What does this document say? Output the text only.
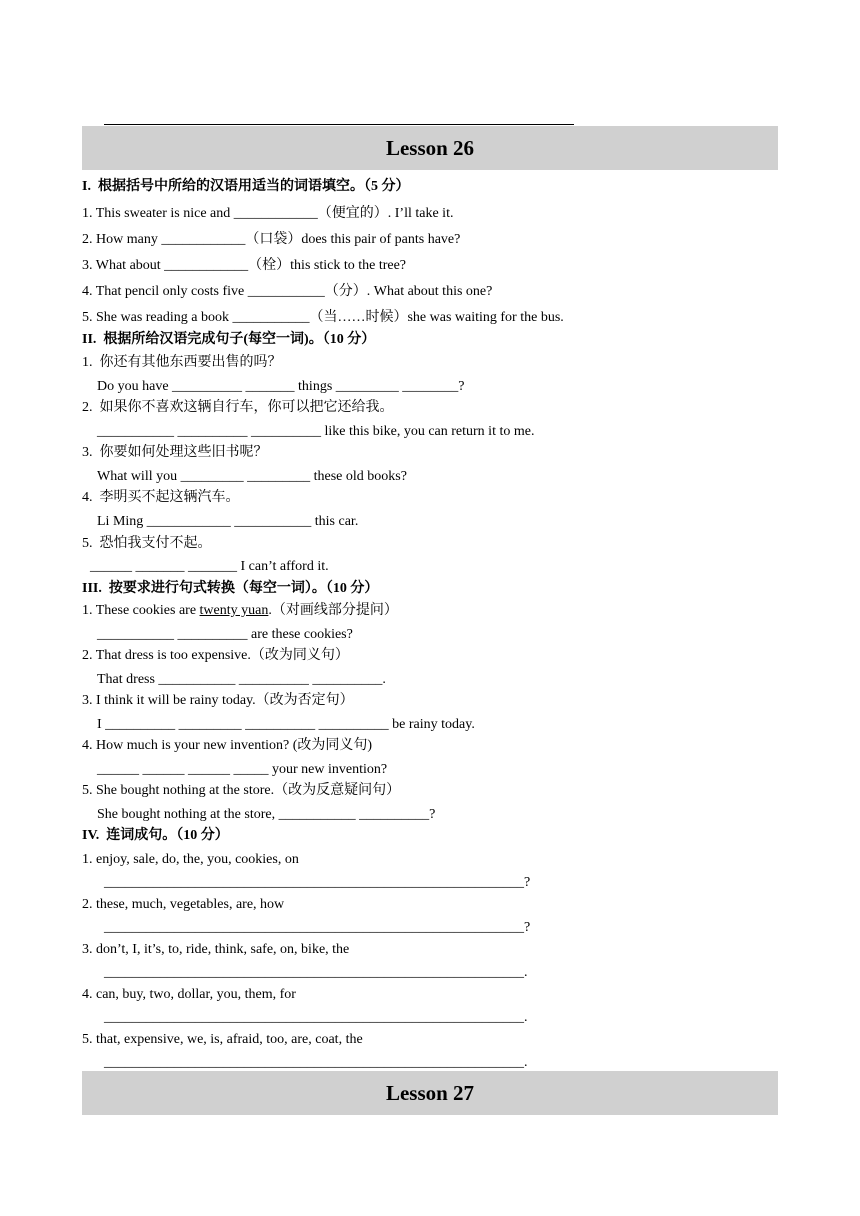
Lesson 26
I.  根据括号中所给的汉语用适当的词语填空。（5 分）
1. This sweater is nice and ____________（便宜的）. I’ll take it.
2. How many ____________（口袋）does this pair of pants have?
3. What about ____________（栓）this stick to the tree?
4. That pencil only costs five ___________（分）. What about this one?
5. She was reading a book ___________（当……时候）she was waiting for the bus.
II.  根据所给汉语完成句子(每空一词)。（10 分）
1.  你还有其他东西要出售的吗？
Do you have __________ _______ things _________ ________?
2.  如果你不喜欢这辆自行车，你可以把它还给我。
___________ __________ __________ like this bike, you can return it to me.
3.  你要如何处理这些旧书呢？
What will you _________ _________ these old books?
4.  李明买不起这辆汽车。
Li Ming ____________ ___________ this car.
5.  恐怕我支付不起。
______ _______ _______ I can’t afford it.
III.  按要求进行句式转换（每空一词）。（10 分）
1. These cookies are twenty yuan.（对画线部分提问）
___________ __________ are these cookies?
2. That dress is too expensive.（改为同义句）
That dress ___________ __________ __________.
3. I think it will be rainy today.（改为否定句）
I __________ _________ __________ __________ be rainy today.
4. How much is your new invention? (改为同义句)
______ ______ ______ _____ your new invention?
5. She bought nothing at the store.（改为反意疑问句）
She bought nothing at the store, ___________ __________?
IV.  连词成句。（10 分）
1. enjoy, sale, do, the, you, cookies, on
____________________________________________________________?
2. these, much, vegetables, are, how
____________________________________________________________?
3. don’t, I, it’s, to, ride, think, safe, on, bike, the
____________________________________________________________.
4. can, buy, two, dollar, you, them, for
____________________________________________________________.
5. that, expensive, we, is, afraid, too, are, coat, the
____________________________________________________________.
Lesson 27
